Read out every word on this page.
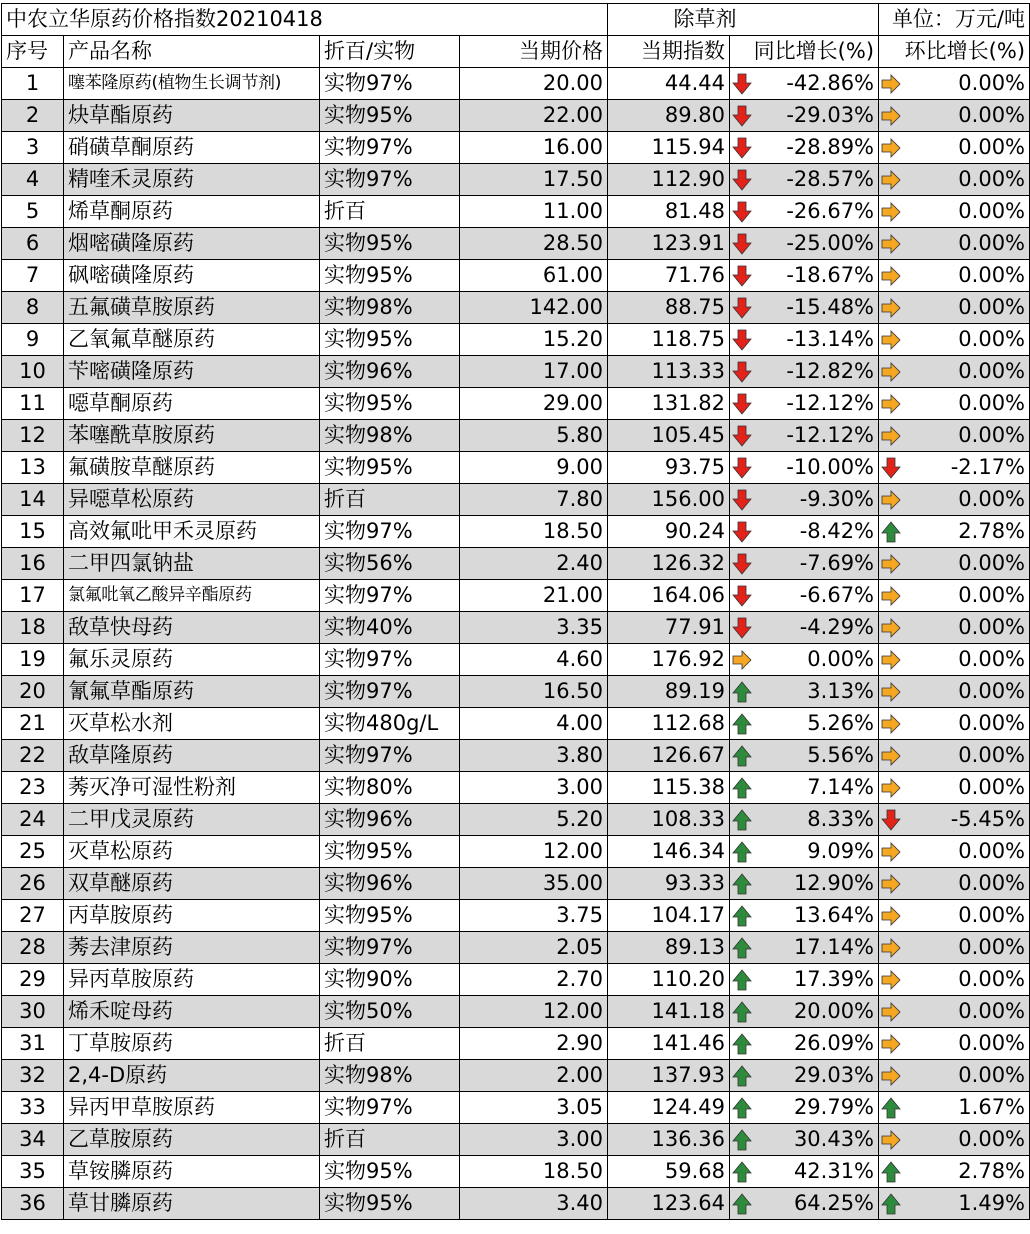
中农立华原药价格指数20210418				除草剂		单位：万元/吨
序号	产品名称	折百/实物	当期价格	当期指数	同比增长(%)	环比增长(%)
1	噻苯隆原药(植物生长调节剂)	实物97%	20.00	44.44	-42.86%	0.00%

2	炔草酯原药	实物95%	22.00	89.80	-29.03%	0.00%

3	硝磺草酮原药	实物97%	16.00	115.94	-28.89%	0.00%

4	精喹禾灵原药	实物97%	17.50	112.90	-28.57%	0.00%

5	烯草酮原药	折百	11.00	81.48	-26.67%	0.00%

6	烟嘧磺隆原药	实物95%	28.50	123.91	-25.00%	0.00%

7	砜嘧磺隆原药	实物95%	61.00	71.76	-18.67%	0.00%

8	五氟磺草胺原药	实物98%	142.00	88.75	-15.48%	0.00%

9	乙氧氟草醚原药	实物95%	15.20	118.75	-13.14%	0.00%

10	苄嘧磺隆原药	实物96%	17.00	113.33	-12.82%	0.00%

11	噁草酮原药	实物95%	29.00	131.82	-12.12%	0.00%

12	苯噻酰草胺原药	实物98%	5.80	105.45	-12.12%	0.00%

13	氟磺胺草醚原药	实物95%	9.00	93.75	-10.00%	-2.17%

14	异噁草松原药	折百	7.80	156.00	-9.30%	0.00%

15	高效氟吡甲禾灵原药	实物97%	18.50	90.24	-8.42%	2.78%

16	二甲四氯钠盐	实物56%	2.40	126.32	-7.69%	0.00%

17	氯氟吡氧乙酸异辛酯原药	实物97%	21.00	164.06	-6.67%	0.00%

18	敌草快母药	实物40%	3.35	77.91	-4.29%	0.00%

19	氟乐灵原药	实物97%	4.60	176.92	0.00%	0.00%

20	氰氟草酯原药	实物97%	16.50	89.19	3.13%	0.00%

21	灭草松水剂	实物480g/L	4.00	112.68	5.26%	0.00%

22	敌草隆原药	实物97%	3.80	126.67	5.56%	0.00%

23	莠灭净可湿性粉剂	实物80%	3.00	115.38	7.14%	0.00%

24	二甲戊灵原药	实物96%	5.20	108.33	8.33%	-5.45%

25	灭草松原药	实物95%	12.00	146.34	9.09%	0.00%

26	双草醚原药	实物96%	35.00	93.33	12.90%	0.00%

27	丙草胺原药	实物95%	3.75	104.17	13.64%	0.00%

28	莠去津原药	实物97%	2.05	89.13	17.14%	0.00%

29	异丙草胺原药	实物90%	2.70	110.20	17.39%	0.00%

30	烯禾啶母药	实物50%	12.00	141.18	20.00%	0.00%

31	丁草胺原药	折百	2.90	141.46	26.09%	0.00%

32	2,4-D原药	实物98%	2.00	137.93	29.03%	0.00%

33	异丙甲草胺原药	实物97%	3.05	124.49	29.79%	1.67%

34	乙草胺原药	折百	3.00	136.36	30.43%	0.00%

35	草铵膦原药	实物95%	18.50	59.68	42.31%	2.78%

36	草甘膦原药	实物95%	3.40	123.64	64.25%	1.49%
